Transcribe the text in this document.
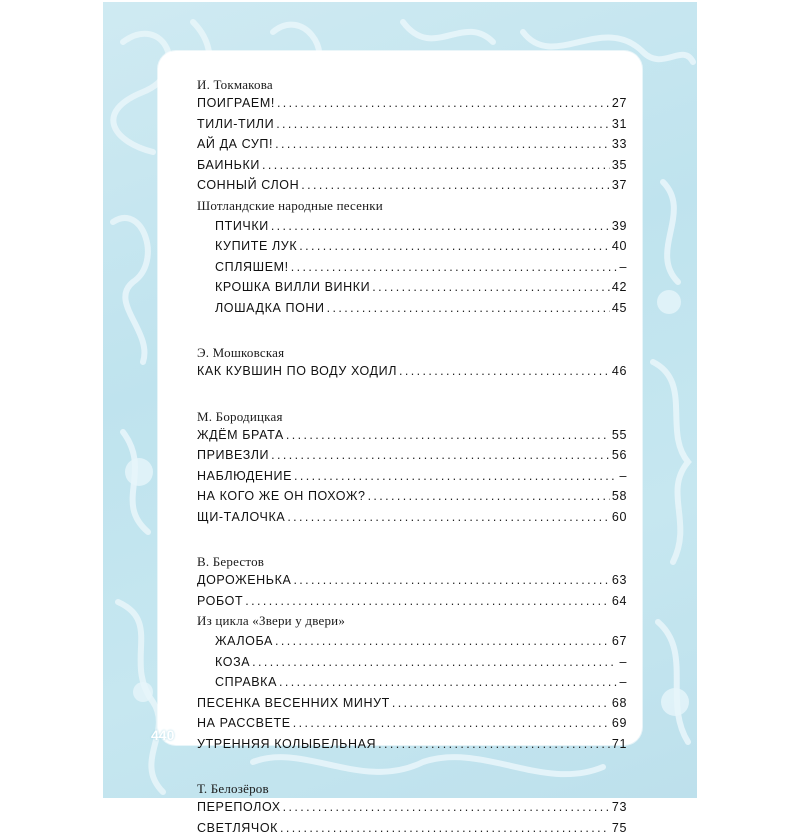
И. Токмакова
ПОИГРАЕМ! .....	27
ТИЛИ-ТИЛИ .....	31
АЙ ДА СУП! .....	33
БАИНЬКИ .....	35
СОННЫЙ СЛОН .....	37
Шотландские народные песенки
ПТИЧКИ .....	39
КУПИТЕ ЛУК .....	40
СПЛЯШЕМ! .....	–
КРОШКА ВИЛЛИ ВИНКИ .....	42
ЛОШАДКА ПОНИ .....	45
Э. Мошковская
КАК КУВШИН ПО ВОДУ ХОДИЛ .....	46
М. Бородицкая
ЖДЁМ БРАТА .....	55
ПРИВЕЗЛИ .....	56
НАБЛЮДЕНИЕ .....	–
НА КОГО ЖЕ ОН ПОХОЖ? .....	58
ЩИ-ТАЛОЧКА .....	60
В. Берестов
ДОРОЖЕНЬКА .....	63
РОБОТ .....	64
Из цикла «Звери у двери»
ЖАЛОБА .....	67
КОЗА .....	–
СПРАВКА .....	–
ПЕСЕНКА ВЕСЕННИХ МИНУТ .....	68
НА РАССВЕТЕ .....	69
УТРЕННЯЯ КОЛЫБЕЛЬНАЯ .....	71
Т. Белозёров
ПЕРЕПОЛОХ .....	73
СВЕТЛЯЧОК .....	75
440
